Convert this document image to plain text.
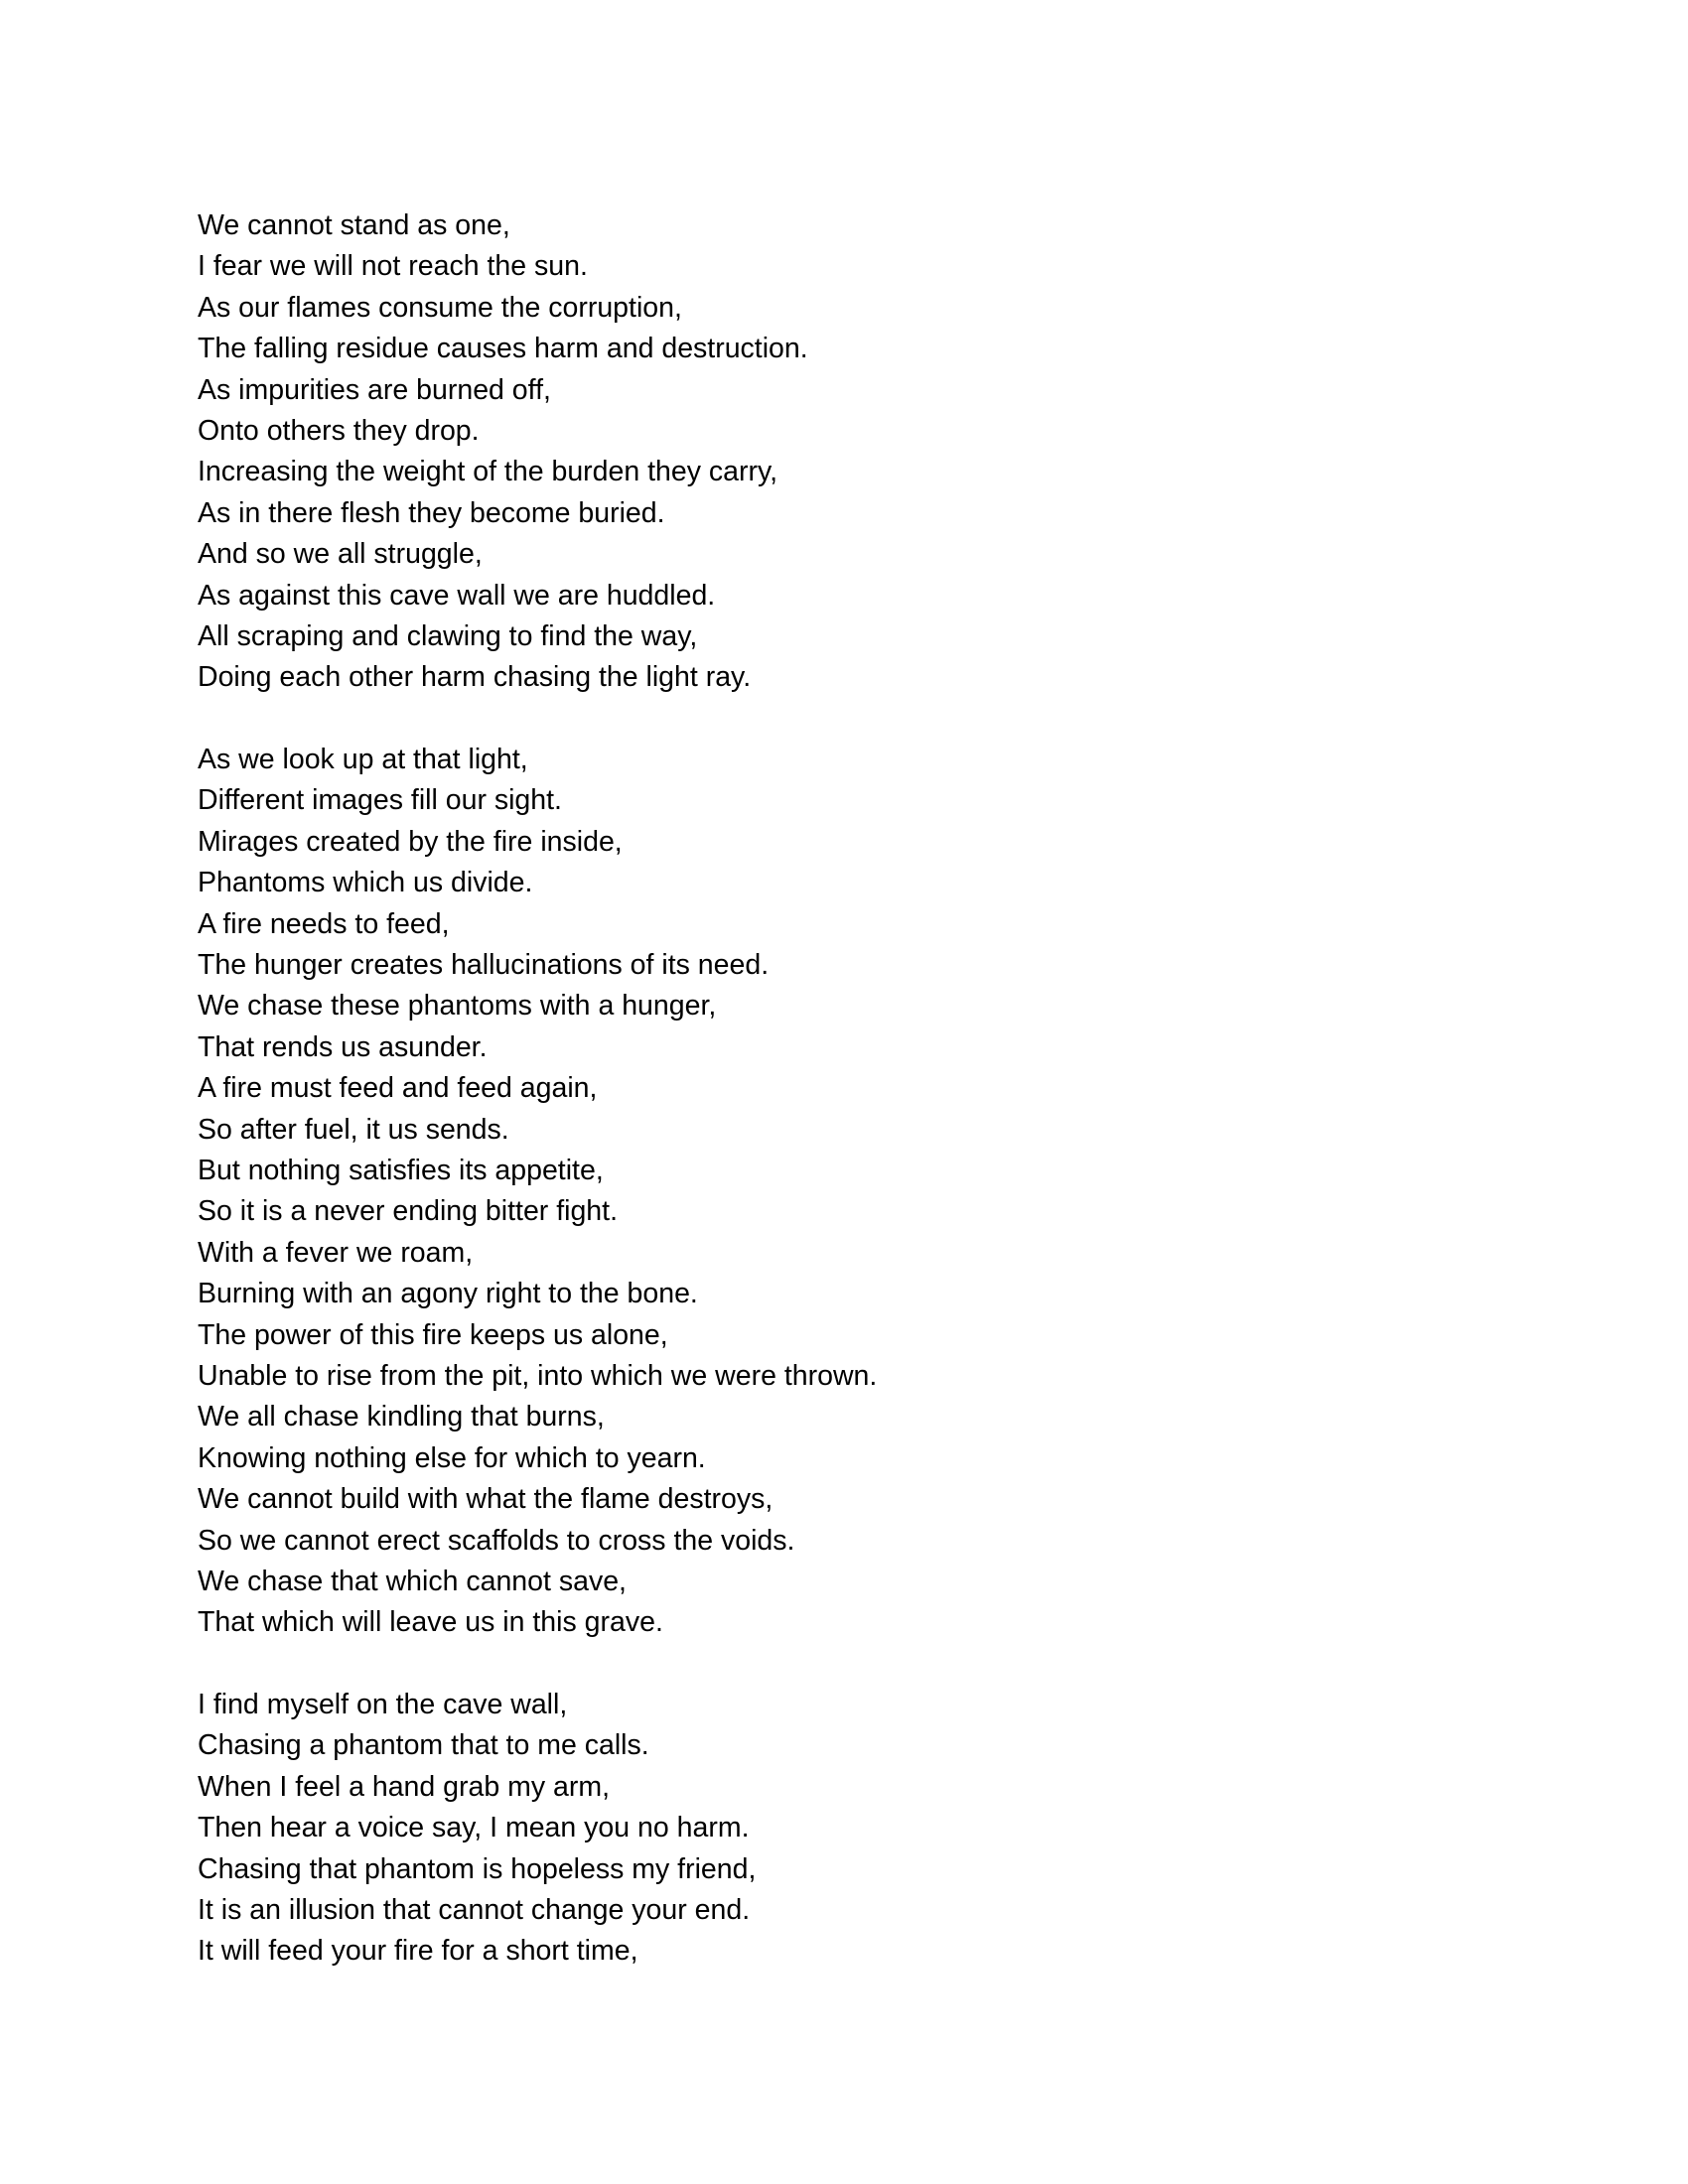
We cannot stand as one,
I fear we will not reach the sun.
As our flames consume the corruption,
The falling residue causes harm and destruction.
As impurities are burned off,
Onto others they drop.
Increasing the weight of the burden they carry,
As in there flesh they become buried.
And so we all struggle,
As against this cave wall we are huddled.
All scraping and clawing to find the way,
Doing each other harm chasing the light ray.
As we look up at that light,
Different images fill our sight.
Mirages created by the fire inside,
Phantoms which us divide.
A fire needs to feed,
The hunger creates hallucinations of its need.
We chase these phantoms with a hunger,
That rends us asunder.
A fire must feed and feed again,
So after fuel, it us sends.
But nothing satisfies its appetite,
So it is a never ending bitter fight.
With a fever we roam,
Burning with an agony right to the bone.
The power of this fire keeps us alone,
Unable to rise from the pit, into which we were thrown.
We all chase kindling that burns,
Knowing nothing else for which to yearn.
We cannot build with what the flame destroys,
So we cannot erect scaffolds to cross the voids.
We chase that which cannot save,
That which will leave us in this grave.
I find myself on the cave wall,
Chasing a phantom that to me calls.
When I feel a hand grab my arm,
Then hear a voice say, I mean you no harm.
Chasing that phantom is hopeless my friend,
It is an illusion that cannot change your end.
It will feed your fire for a short time,
